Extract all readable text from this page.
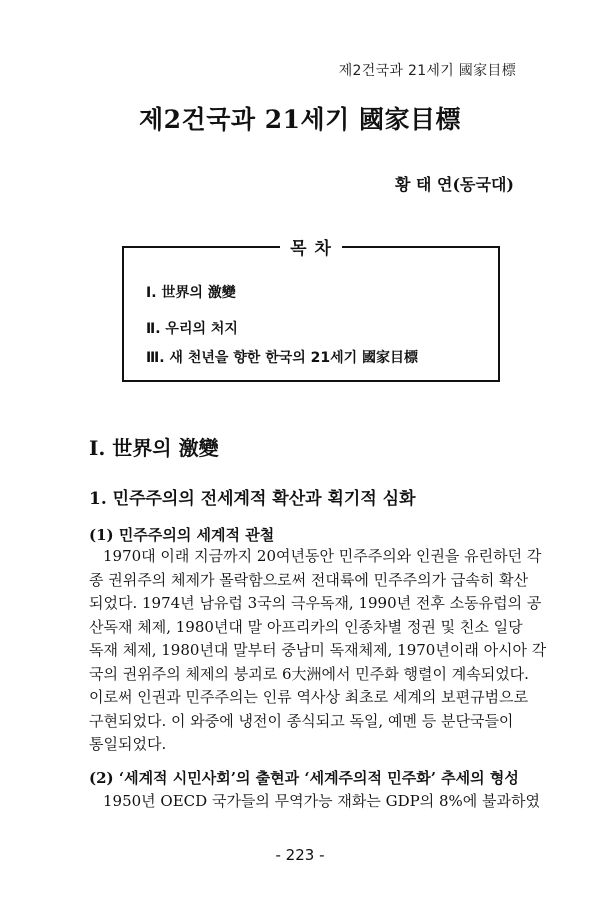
제2건국과 21세기 國家目標
제2건국과 21세기 國家目標
황 태 연(동국대)
목 차
Ⅰ. 世界의 激變
Ⅱ. 우리의 처지
Ⅲ. 새 천년을 향한 한국의 21세기 國家目標
I. 世界의 激變
1. 민주주의의 전세계적 확산과 획기적 심화
(1) 민주주의의 세계적 관철
1970대 이래 지금까지 20여년동안 민주주의와 인권을 유린하던 각
종 권위주의 체제가 몰락함으로써 전대륙에 민주주의가 급속히 확산
되었다. 1974년 남유럽 3국의 극우독재, 1990년 전후 소동유럽의 공
산독재 체제, 1980년대 말 아프리카의 인종차별 정권 및 친소 일당
독재 체제, 1980년대 말부터 중남미 독재체제, 1970년이래 아시아 각
국의 권위주의 체제의 붕괴로 6大洲에서 민주화 행렬이 계속되었다.
이로써 인권과 민주주의는 인류 역사상 최초로 세계의 보편규범으로
구현되었다. 이 와중에 냉전이 종식되고 독일, 예멘 등 분단국들이
통일되었다.
(2) ‘세계적 시민사회’의 출현과 ‘세계주의적 민주화’ 추세의 형성
1950년 OECD 국가들의 무역가능 재화는 GDP의 8%에 불과하였
- 223 -
